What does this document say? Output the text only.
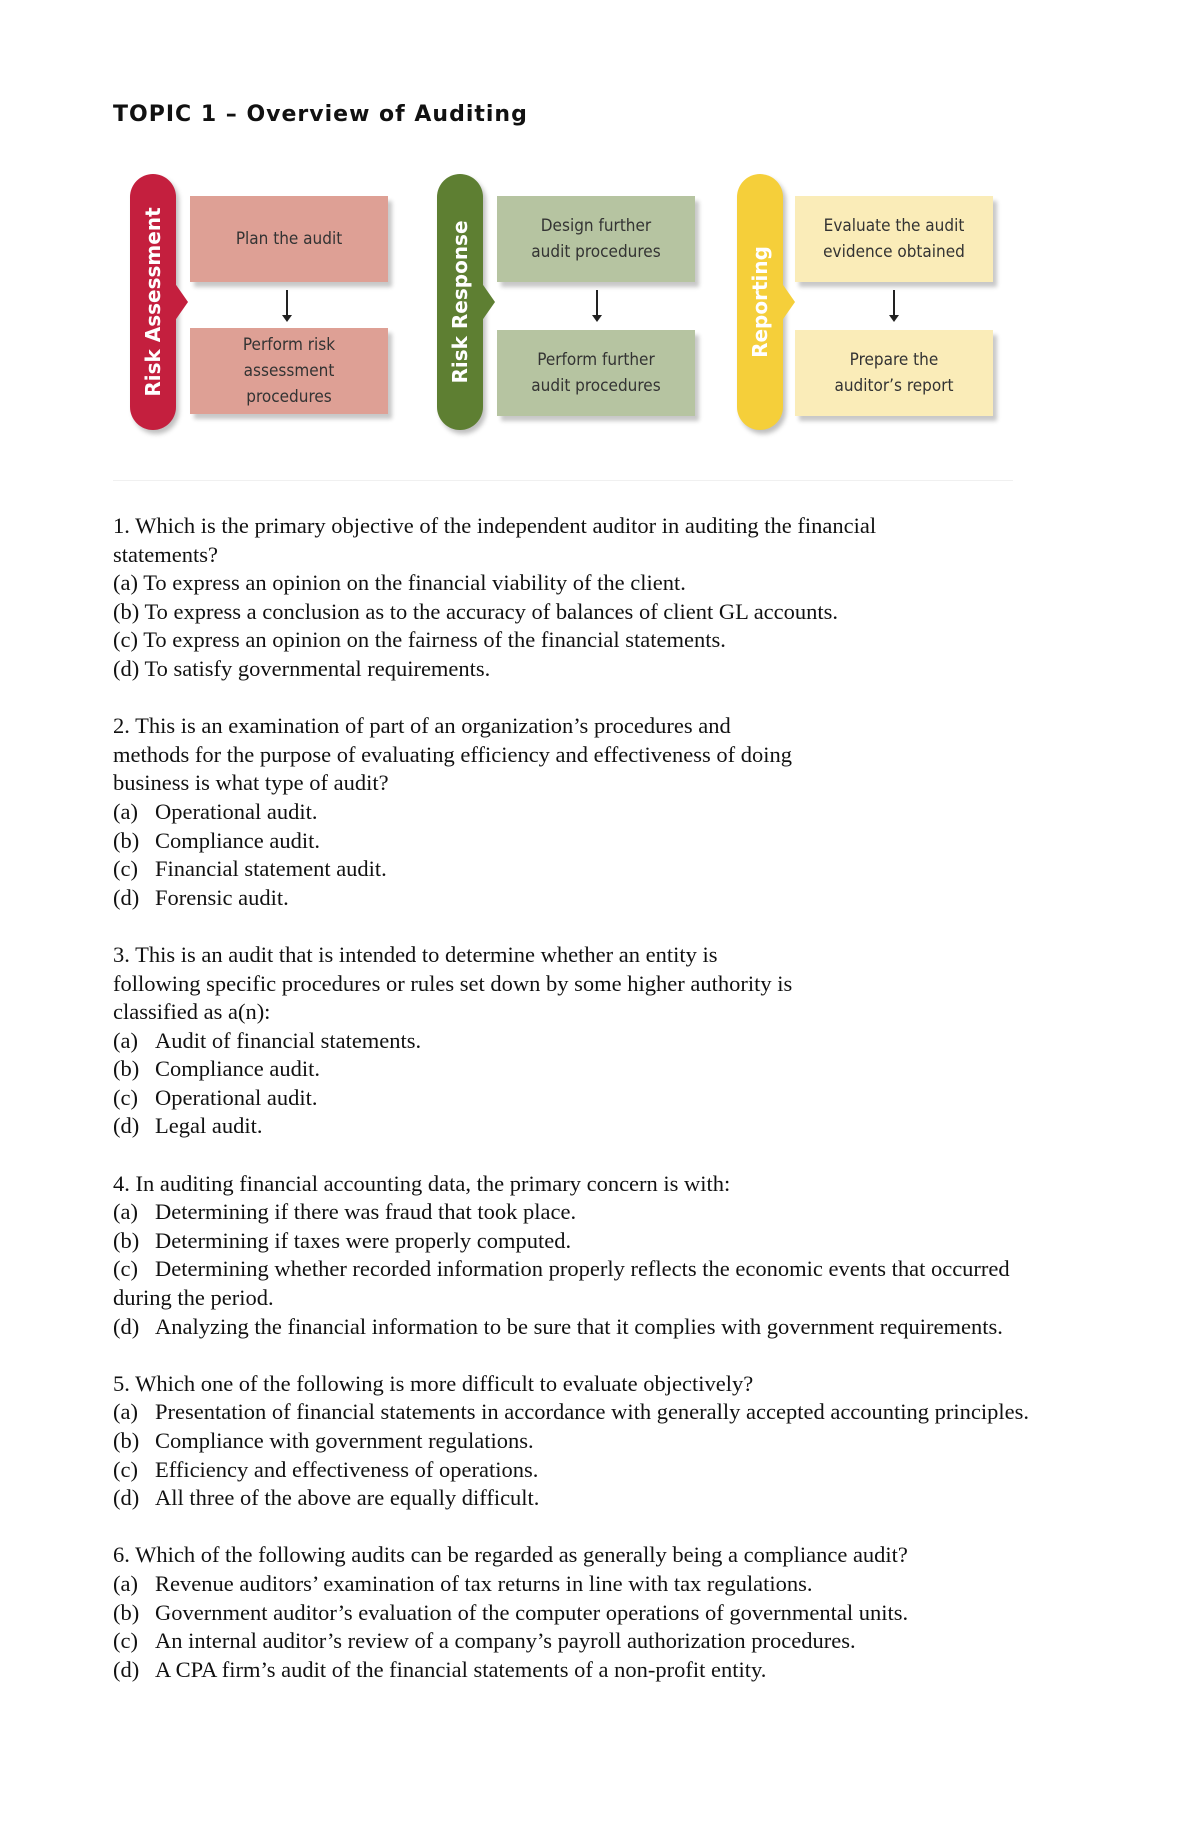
TOPIC 1 – Overview of Auditing
Risk Assessment	Plan the audit
Perform risk
assessment
procedures
Risk Response	Design further
audit procedures
Perform further
audit procedures
Reporting
Evaluate the audit
evidence obtained
Prepare the
auditor’s report
1. Which is the primary objective of the independent auditor in auditing the financial
statements?
(a) To express an opinion on the financial viability of the client.
(b) To express a conclusion as to the accuracy of balances of client GL accounts.
(c) To express an opinion on the fairness of the financial statements.
(d) To satisfy governmental requirements.
2. This is an examination of part of an organization’s procedures and
methods for the purpose of evaluating efficiency and effectiveness of doing
business is what type of audit?
(a) Operational audit.
(b) Compliance audit.
(c) Financial statement audit.
(d) Forensic audit.
3. This is an audit that is intended to determine whether an entity is
following specific procedures or rules set down by some higher authority is
classified as a(n):
(a) Audit of financial statements.
(b) Compliance audit.
(c) Operational audit.
(d) Legal audit.
4. In auditing financial accounting data, the primary concern is with:
(a) Determining if there was fraud that took place.
(b) Determining if taxes were properly computed.
(c) Determining whether recorded information properly reflects the economic events that occurred during the period.
(d) Analyzing the financial information to be sure that it complies with government requirements.
5. Which one of the following is more difficult to evaluate objectively?
(a) Presentation of financial statements in accordance with generally accepted accounting principles.
(b) Compliance with government regulations.
(c) Efficiency and effectiveness of operations.
(d) All three of the above are equally difficult.
6. Which of the following audits can be regarded as generally being a compliance audit?
(a) Revenue auditors’ examination of tax returns in line with tax regulations.
(b) Government auditor’s evaluation of the computer operations of governmental units.
(c) An internal auditor’s review of a company’s payroll authorization procedures.
(d) A CPA firm’s audit of the financial statements of a non-profit entity.
